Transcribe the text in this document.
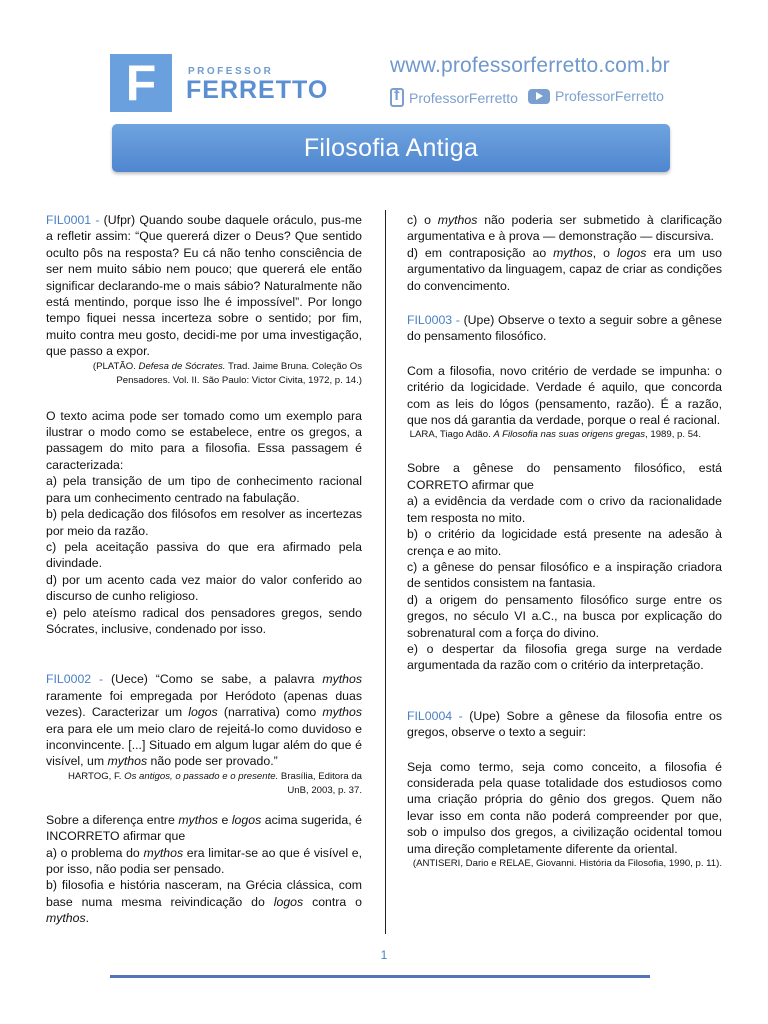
F	PROFESSOR
FERRETTO
www.professorferretto.com.br
f
ProfessorFerretto	ProfessorFerretto
Filosofia Antiga
FIL0001 - (Ufpr) Quando soube daquele oráculo, pus-me a refletir assim: “Que quererá dizer o Deus? Que sentido oculto pôs na resposta? Eu cá não tenho consciência de ser nem muito sábio nem pouco; que quererá ele então significar declarando-me o mais sábio? Naturalmente não está mentindo, porque isso lhe é impossível”. Por longo tempo fiquei nessa incerteza sobre o sentido; por fim, muito contra meu gosto, decidi-me por uma investigação, que passo a expor.
(PLATÃO. Defesa de Sócrates. Trad. Jaime Bruna. Coleção Os Pensadores. Vol. II. São Paulo: Victor Civita, 1972, p. 14.)
O texto acima pode ser tomado como um exemplo para ilustrar o modo como se estabelece, entre os gregos, a passagem do mito para a filosofia. Essa passagem é caracterizada:
a) pela transição de um tipo de conhecimento racional para um conhecimento centrado na fabulação.
b) pela dedicação dos filósofos em resolver as incertezas por meio da razão.
c) pela aceitação passiva do que era afirmado pela divindade.
d) por um acento cada vez maior do valor conferido ao discurso de cunho religioso.
e) pelo ateísmo radical dos pensadores gregos, sendo Sócrates, inclusive, condenado por isso.
FIL0002 - (Uece) “Como se sabe, a palavra mythos raramente foi empregada por Heródoto (apenas duas vezes). Caracterizar um logos (narrativa) como mythos era para ele um meio claro de rejeitá-lo como duvidoso e inconvincente. [...] Situado em algum lugar além do que é visível, um mythos não pode ser provado.”
HARTOG, F. Os antigos, o passado e o presente. Brasília, Editora da UnB, 2003, p. 37.
Sobre a diferença entre mythos e logos acima sugerida, é INCORRETO afirmar que
a) o problema do mythos era limitar-se ao que é visível e, por isso, não podia ser pensado.
b) filosofia e história nasceram, na Grécia clássica, com base numa mesma reivindicação do logos contra o mythos.
c) o mythos não poderia ser submetido à clarificação argumentativa e à prova — demonstração — discursiva.
d) em contraposição ao mythos, o logos era um uso argumentativo da linguagem, capaz de criar as condições do convencimento.
FIL0003 - (Upe) Observe o texto a seguir sobre a gênese do pensamento filosófico.
Com a filosofia, novo critério de verdade se impunha: o critério da logicidade. Verdade é aquilo, que concorda com as leis do lógos (pensamento, razão). É a razão, que nos dá garantia da verdade, porque o real é racional.
LARA, Tiago Adão. A Filosofia nas suas origens gregas, 1989, p. 54.
Sobre a gênese do pensamento filosófico, está CORRETO afirmar que
a) a evidência da verdade com o crivo da racionalidade tem resposta no mito.
b) o critério da logicidade está presente na adesão à crença e ao mito.
c) a gênese do pensar filosófico e a inspiração criadora de sentidos consistem na fantasia.
d) a origem do pensamento filosófico surge entre os gregos, no século VI a.C., na busca por explicação do sobrenatural com a força do divino.
e) o despertar da filosofia grega surge na verdade argumentada da razão com o critério da interpretação.
FIL0004 - (Upe) Sobre a gênese da filosofia entre os gregos, observe o texto a seguir:
Seja como termo, seja como conceito, a filosofia é considerada pela quase totalidade dos estudiosos como uma criação própria do gênio dos gregos. Quem não levar isso em conta não poderá compreender por que, sob o impulso dos gregos, a civilização ocidental tomou uma direção completamente diferente da oriental.
(ANTISERI, Dario e RELAE, Giovanni. História da Filosofia, 1990, p. 11).
1
